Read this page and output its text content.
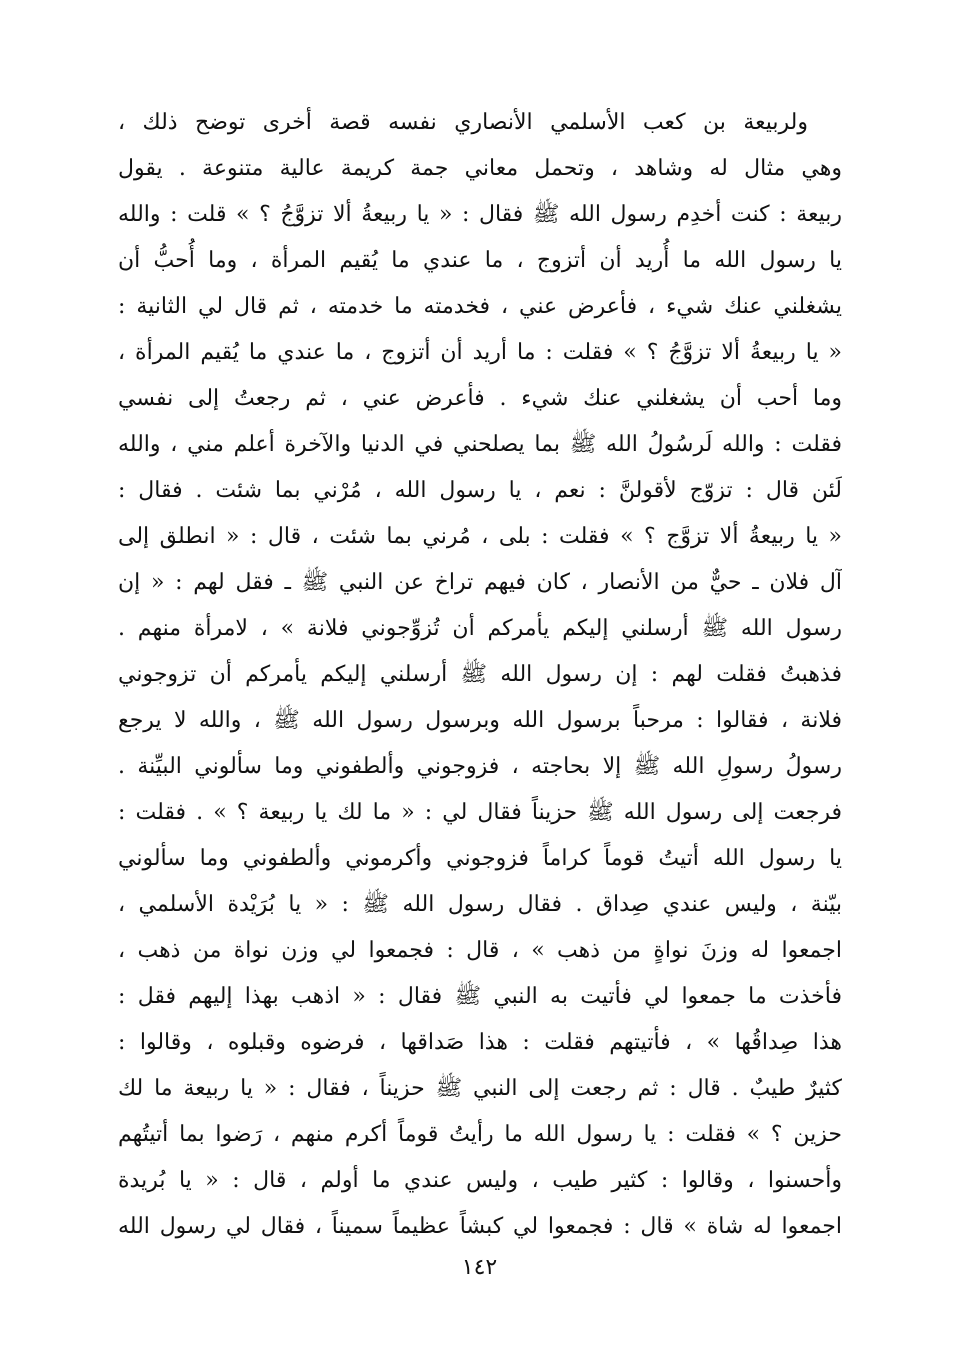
ولربيعة بن كعب الأسلمي الأنصاري نفسه قصة أخرى توضح ذلك ،
وهي مثال له وشاهد ، وتحمل معاني جمة كريمة عالية متنوعة . يقول
ربيعة : كنت أخدِم رسول الله ﷺ فقال : « يا ربيعةُ ألا تزوَّجُ ؟ » قلت : والله
يا رسول الله ما أُريد أن أتزوج ، ما عندي ما يُقيم المرأة ، وما أُحبُّ أن
يشغلني عنك شيء ، فأعرض عني ، فخدمته ما خدمته ، ثم قال لي الثانية :
« يا ربيعةُ ألا تزوَّجُ ؟ » فقلت : ما أريد أن أتزوج ، ما عندي ما يُقيم المرأة ،
وما أحب أن يشغلني عنك شيء . فأعرض عني ، ثم رجعتُ إلى نفسي
فقلت : والله لَرسُولُ الله ﷺ بما يصلحني في الدنيا والآخرة أعلم مني ، والله
لَئن قال : تزوّج لأقولنَّ : نعم ، يا رسول الله ، مُرْني بما شئت . فقال :
« يا ربيعةُ ألا تزوَّج ؟ » فقلت : بلى ، مُرني بما شئت ، قال : « انطلق إلى
آل فلان ـ حيٌّ من الأنصار ، كان فيهم تراخ عن النبي ﷺ ـ فقل لهم : « إن
رسول الله ﷺ أرسلني إليكم يأمركم أن تُزوِّجوني فلانة » ، لامرأة منهم .
فذهبتُ فقلت لهم : إن رسول الله ﷺ أرسلني إليكم يأمركم أن تزوجوني
فلانة ، فقالوا : مرحباً برسول الله وبرسول رسول الله ﷺ ، والله لا يرجع
رسولُ رسولِ الله ﷺ إلا بحاجته ، فزوجوني وألطفوني وما سألوني البيِّنة .
فرجعت إلى رسول الله ﷺ حزيناً فقال لي : « ما لك يا ربيعة ؟ » . فقلت :
يا رسول الله أتيتُ قوماً كراماً فزوجوني وأكرموني وألطفوني وما سألوني
بيّنة ، وليس عندي صِداق . فقال رسول الله ﷺ : « يا بُرَيْدة الأسلمي ،
اجمعوا له وزنَ نواةٍ من ذهب » ، قال : فجمعوا لي وزن نواة من ذهب ،
فأخذت ما جمعوا لي فأتيت به النبي ﷺ فقال : « اذهب بهذا إليهم فقل :
هذا صِداقُها » ، فأتيتهم فقلت : هذا صَداقها ، فرضوه وقبلوه ، وقالوا :
كثيرٌ طيبٌ . قال : ثم رجعت إلى النبي ﷺ حزيناً ، فقال : « يا ربيعة ما لك
حزين ؟ » فقلت : يا رسول الله ما رأيتُ قوماً أكرم منهم ، رَضوا بما أتيتُهم
وأحسنوا ، وقالوا : كثير طيب ، وليس عندي ما أولم ، قال : « يا بُريدة
اجمعوا له شاة » قال : فجمعوا لي كبشاً عظيماً سميناً ، فقال لي رسول الله
١٤٢
